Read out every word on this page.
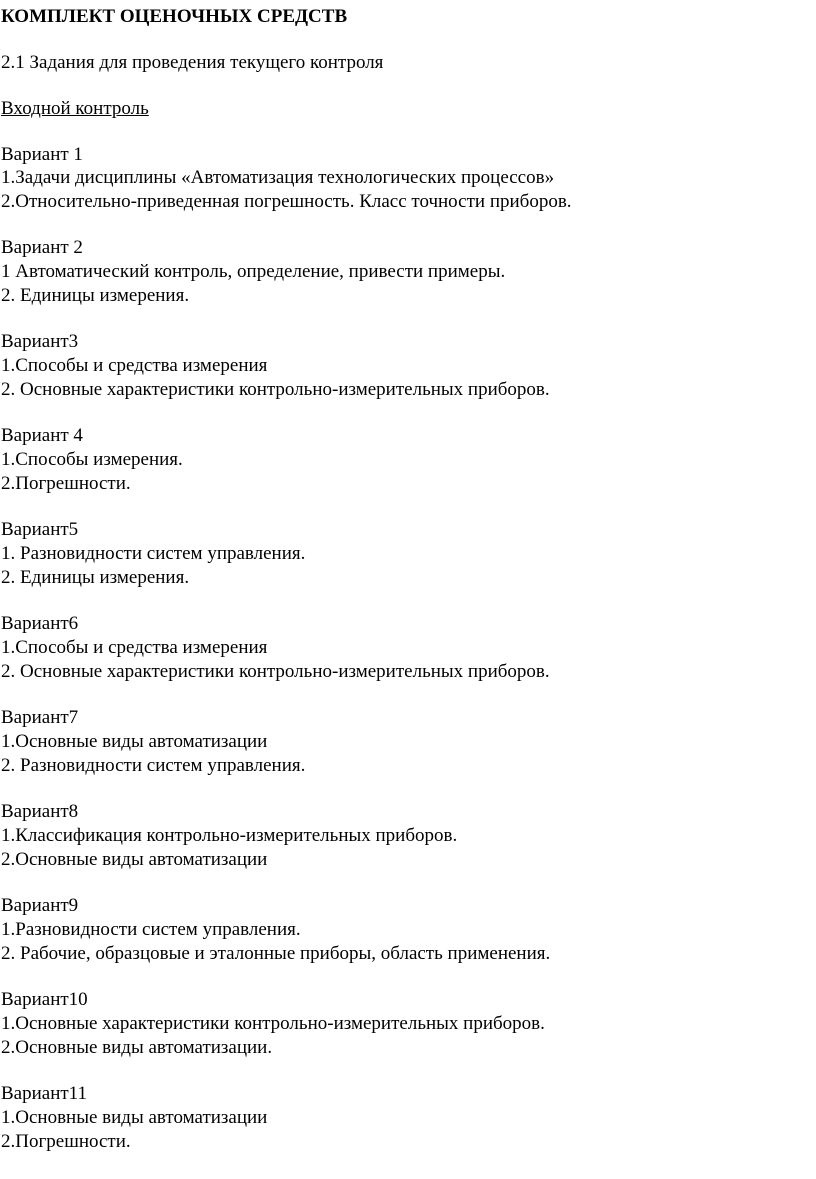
КОМПЛЕКТ ОЦЕНОЧНЫХ СРЕДСТВ
2.1 Задания для проведения текущего контроля
Входной контроль
Вариант 1
1.Задачи дисциплины «Автоматизация технологических процессов»
2.Относительно-приведенная погрешность. Класс точности приборов.
Вариант 2
1 Автоматический контроль, определение, привести примеры.
2. Единицы измерения.
Вариант3
1.Способы и средства измерения
2. Основные характеристики контрольно-измерительных приборов.
Вариант 4
1.Способы измерения.
2.Погрешности.
Вариант5
1. Разновидности систем управления.
2. Единицы измерения.
Вариант6
1.Способы и средства измерения
2. Основные характеристики контрольно-измерительных приборов.
Вариант7
1.Основные виды автоматизации
2. Разновидности систем управления.
Вариант8
1.Классификация контрольно-измерительных приборов.
2.Основные виды автоматизации
Вариант9
1.Разновидности систем управления.
2. Рабочие, образцовые и эталонные приборы, область применения.
Вариант10
1.Основные характеристики контрольно-измерительных приборов.
2.Основные виды автоматизации.
Вариант11
1.Основные виды автоматизации
2.Погрешности.
